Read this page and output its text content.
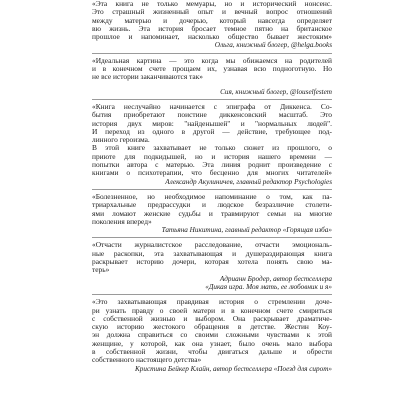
«Эта книга не только мемуары, но и исторический нонсенс.
Это страшный жизненный опыт и вечный вопрос отношений
между матерью и дочерью, который навсегда определяет
вю жизнь. Эта история бросает темное пятно на британское
прошлое и напоминает, насколько общество бывает жестоким»
Ольга, книжный блогер, @helga.books
«Идеальная картина — это когда мы обижаемся на родителей
и в конечном счете прощаем их, узнавая всю подноготную. Но
не все истории заканчиваются так»
Сия, книжный блогер, @louselfestem
«Книга неслучайно начинается с эпиграфа от Диккенса. Со-
бытия приобретают поистине диккенсовский масштаб. Это
история двух миров: "найденышей" и "нормальных людей".
И переход из одного в другой — действие, требующее под-
линного героизма.
В этой книге захватывает не только сюжет из прошлого, о
приюте для подкидышей, но и история нашего времени —
попытки автора с матерью. Эта линия роднит произведение с
книгами о психотерапии, что бесценно для многих читателей»
Александр Акулиничев, главный редактор Psychologies
«Болезненное, но необходимое напоминание о том, как па-
триархальные предрассудки и людское безразличие столети-
ями ломают женские судьбы и травмируют семьи на многие
поколения вперед»
Татьяна Никитина, главный редактор «Горящая изба»
«Отчасти журналистское расследование, отчасти эмоциональ-
ные раскопки, эта захватывающая и душераздирающая книга
раскрывает историю дочери, которая хотела понять свою ма-
терь»
Адрианн Бродер, автор бестселлера
«Дикая игра. Моя мать, ее любовник и я»
«Это захватывающая правдивая история о стремлении доче-
ри узнать правду о своей матери и в конечном счете смириться
с собственной жизнью и выбором. Она раскрывает драматиче-
скую историю жестокого обращения в детстве. Жестин Коу-
эн должна справиться со своими сложными чувствами к этой
женщине, у которой, как она узнает, было очень мало выбора
в собственной жизни, чтобы двигаться дальше и обрести
собственного настоящего детства»
Кристина Бейкер Клайн, автор бестселлера «Поезд для сирот»
